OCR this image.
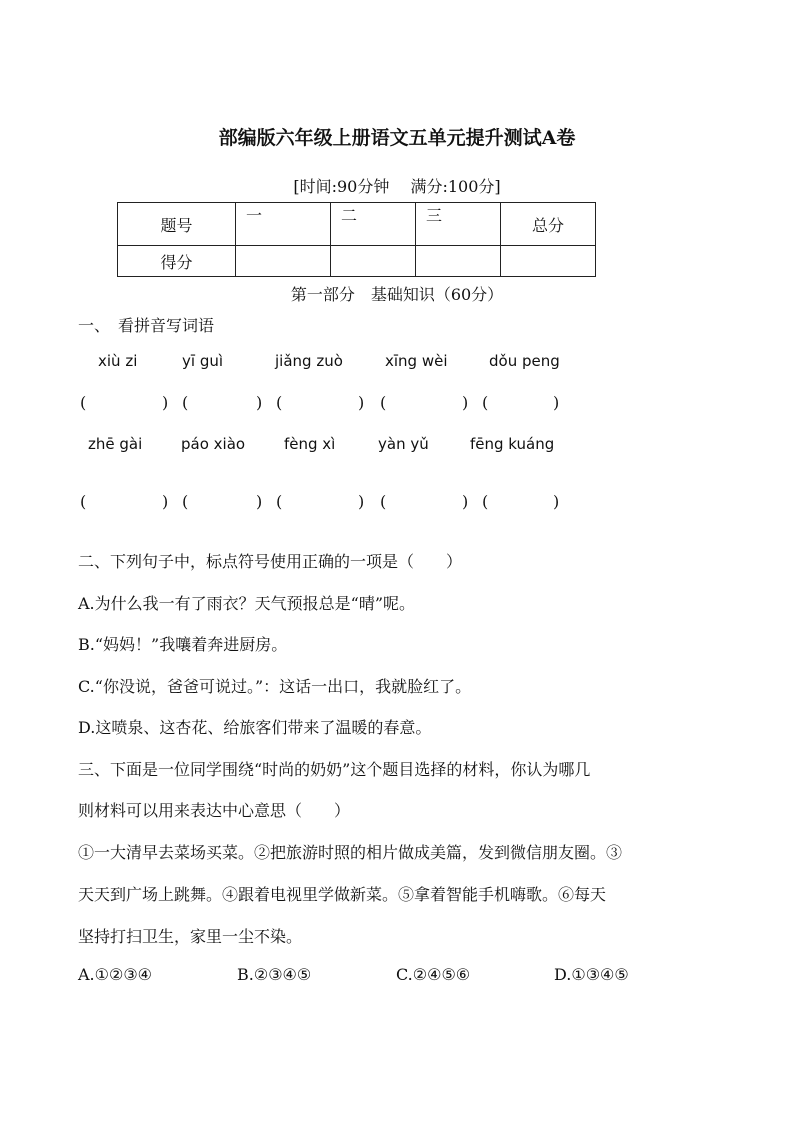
部编版六年级上册语文五单元提升测试A卷
[时间:90分钟　 满分:100分]
题号	一	二	三	总分
得分				
第一部分　基础知识（60分）
一、　看拼音写词语
xiù zi	yī guì	jiǎng zuò	xīng wèi	dǒu peng
(	) (	) (	) (	) (	)
zhē gài	páo xiào	fèng xì	yàn yǔ	fēng kuáng
(	) (	) (	) (	) (	)
二、下列句子中，标点符号使用正确的一项是（　　）
A.为什么我一有了雨衣？天气预报总是“晴”呢。
B.“妈妈！”我嚷着奔进厨房。
C.“你没说，爸爸可说过。”：这话一出口，我就脸红了。
D.这喷泉、这杏花、给旅客们带来了温暖的春意。
三、下面是一位同学围绕“时尚的奶奶”这个题目选择的材料，你认为哪几
则材料可以用来表达中心意思（　　）
①一大清早去菜场买菜。②把旅游时照的相片做成美篇，发到微信朋友圈。③
天天到广场上跳舞。④跟着电视里学做新菜。⑤拿着智能手机嗨歌。⑥每天
坚持打扫卫生，家里一尘不染。
A.①②③④	B.②③④⑤	C.②④⑤⑥	D.①③④⑤
